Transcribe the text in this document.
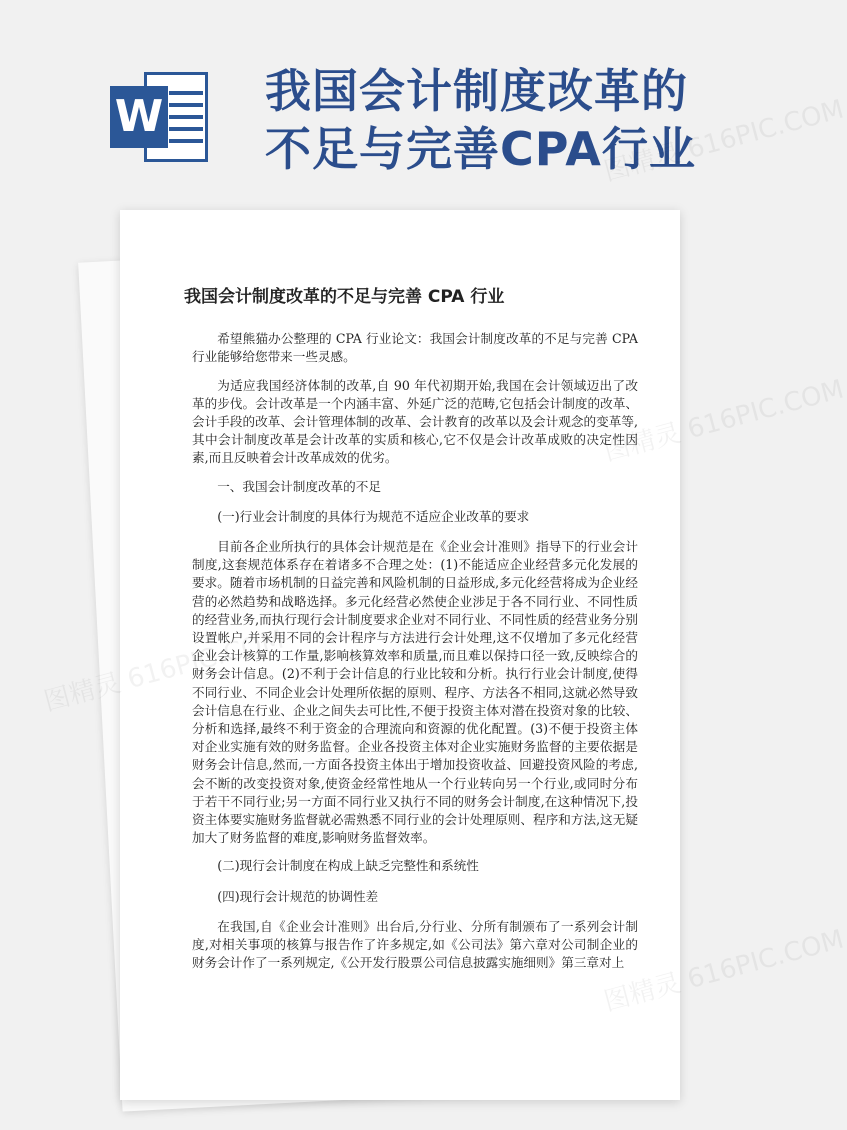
W 我国会计制度改革的不足与完善CPA行业
我国会计制度改革的不足与完善 CPA 行业

希望熊猫办公整理的 CPA 行业论文：我国会计制度改革的不足与完善 CPA 行业能够给您带来一些灵感。

为适应我国经济体制的改革,自 90 年代初期开始,我国在会计领域迈出了改革的步伐。会计改革是一个内涵丰富、外延广泛的范畴,它包括会计制度的改革、会计手段的改革、会计管理体制的改革、会计教育的改革以及会计观念的变革等,其中会计制度改革是会计改革的实质和核心,它不仅是会计改革成败的决定性因素,而且反映着会计改革成效的优劣。

一、我国会计制度改革的不足

(一)行业会计制度的具体行为规范不适应企业改革的要求

目前各企业所执行的具体会计规范是在《企业会计准则》指导下的行业会计制度,这套规范体系存在着诸多不合理之处：(1)不能适应企业经营多元化发展的要求。随着市场机制的日益完善和风险机制的日益形成,多元化经营将成为企业经营的必然趋势和战略选择。多元化经营必然使企业涉足于各不同行业、不同性质的经营业务,而执行现行会计制度要求企业对不同行业、不同性质的经营业务分别设置帐户,并采用不同的会计程序与方法进行会计处理,这不仅增加了多元化经营企业会计核算的工作量,影响核算效率和质量,而且难以保持口径一致,反映综合的财务会计信息。(2)不利于会计信息的行业比较和分析。执行行业会计制度,使得不同行业、不同企业会计处理所依据的原则、程序、方法各不相同,这就必然导致会计信息在行业、企业之间失去可比性,不便于投资主体对潜在投资对象的比较、分析和选择,最终不利于资金的合理流向和资源的优化配置。(3)不便于投资主体对企业实施有效的财务监督。企业各投资主体对企业实施财务监督的主要依据是财务会计信息,然而,一方面各投资主体出于增加投资收益、回避投资风险的考虑,会不断的改变投资对象,使资金经常性地从一个行业转向另一个行业,或同时分布于若干不同行业;另一方面不同行业又执行不同的财务会计制度,在这种情况下,投资主体要实施财务监督就必需熟悉不同行业的会计处理原则、程序和方法,这无疑加大了财务监督的难度,影响财务监督效率。

(二)现行会计制度在构成上缺乏完整性和系统性

(四)现行会计规范的协调性差

在我国,自《企业会计准则》出台后,分行业、分所有制颁布了一系列会计制度,对相关事项的核算与报告作了许多规定,如《公司法》第六章对公司制企业的财务会计作了一系列规定,《公开发行股票公司信息披露实施细则》第三章对上

图精灵 616PIC.COM
图精灵 616PIC.COM
图精灵
图精灵 616PIC.COM
